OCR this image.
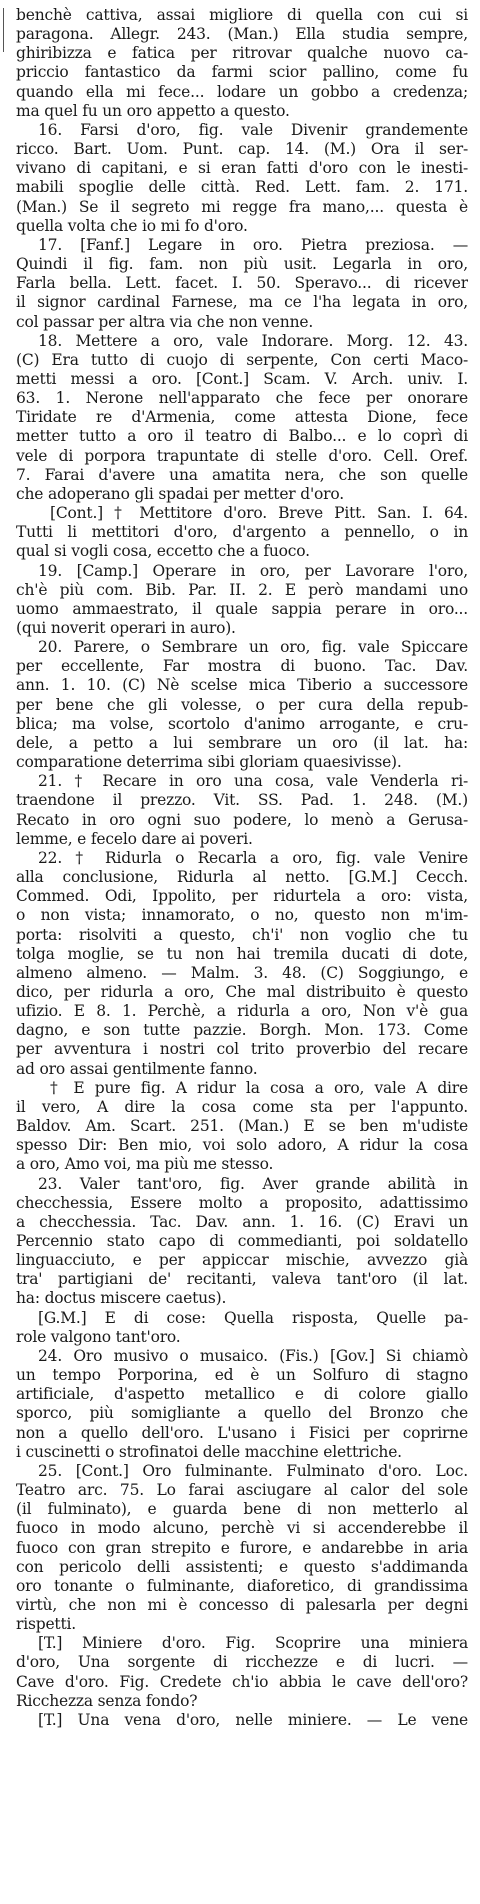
benchè cattiva, assai migliore di quella con cui si
paragona. Allegr. 243. (Man.) Ella studia sempre,
ghiribizza e fatica per ritrovar qualche nuovo ca-
priccio fantastico da farmi scior pallino, come fu
quando ella mi fece... lodare un gobbo a credenza;
ma quel fu un oro appetto a questo.
16. Farsi d'oro, fig. vale Divenir grandemente
ricco. Bart. Uom. Punt. cap. 14. (M.) Ora il ser-
vivano di capitani, e si eran fatti d'oro con le inesti-
mabili spoglie delle città. Red. Lett. fam. 2. 171.
(Man.) Se il segreto mi regge fra mano,... questa è
quella volta che io mi fo d'oro.
17. [Fanf.] Legare in oro. Pietra preziosa. —
Quindi il fig. fam. non più usit. Legarla in oro,
Farla bella. Lett. facet. I. 50. Speravo... di ricever
il signor cardinal Farnese, ma ce l'ha legata in oro,
col passar per altra via che non venne.
18. Mettere a oro, vale Indorare. Morg. 12. 43.
(C) Era tutto di cuojo di serpente, Con certi Maco-
metti messi a oro. [Cont.] Scam. V. Arch. univ. I.
63. 1. Nerone nell'apparato che fece per onorare
Tiridate re d'Armenia, come attesta Dione, fece
metter tutto a oro il teatro di Balbo... e lo coprì di
vele di porpora trapuntate di stelle d'oro. Cell. Oref.
7. Farai d'avere una amatita nera, che son quelle
che adoperano gli spadai per metter d'oro.
[Cont.] † Mettitore d'oro. Breve Pitt. San. I. 64.
Tutti li mettitori d'oro, d'argento a pennello, o in
qual si vogli cosa, eccetto che a fuoco.
19. [Camp.] Operare in oro, per Lavorare l'oro,
ch'è più com. Bib. Par. II. 2. E però mandami uno
uomo ammaestrato, il quale sappia perare in oro...
(qui noverit operari in auro).
20. Parere, o Sembrare un oro, fig. vale Spiccare
per eccellente, Far mostra di buono. Tac. Dav.
ann. 1. 10. (C) Nè scelse mica Tiberio a successore
per bene che gli volesse, o per cura della repub-
blica; ma volse, scortolo d'animo arrogante, e cru-
dele, a petto a lui sembrare un oro (il lat. ha:
comparatione deterrima sibi gloriam quaesivisse).
21. † Recare in oro una cosa, vale Venderla ri-
traendone il prezzo. Vit. SS. Pad. 1. 248. (M.)
Recato in oro ogni suo podere, lo menò a Gerusa-
lemme, e fecelo dare ai poveri.
22. † Ridurla o Recarla a oro, fig. vale Venire
alla conclusione, Ridurla al netto. [G.M.] Cecch.
Commed. Odi, Ippolito, per ridurtela a oro: vista,
o non vista; innamorato, o no, questo non m'im-
porta: risolviti a questo, ch'i' non voglio che tu
tolga moglie, se tu non hai tremila ducati di dote,
almeno almeno. — Malm. 3. 48. (C) Soggiungo, e
dico, per ridurla a oro, Che mal distribuito è questo
ufizio. E 8. 1. Perchè, a ridurla a oro, Non v'è gua
dagno, e son tutte pazzie. Borgh. Mon. 173. Come
per avventura i nostri col trito proverbio del recare
ad oro assai gentilmente fanno.
† E pure fig. A ridur la cosa a oro, vale A dire
il vero, A dire la cosa come sta per l'appunto.
Baldov. Am. Scart. 251. (Man.) E se ben m'udiste
spesso Dir: Ben mio, voi solo adoro, A ridur la cosa
a oro, Amo voi, ma più me stesso.
23. Valer tant'oro, fig. Aver grande abilità in
checchessia, Essere molto a proposito, adattissimo
a checchessia. Tac. Dav. ann. 1. 16. (C) Eravi un
Percennio stato capo di commedianti, poi soldatello
linguacciuto, e per appiccar mischie, avvezzo già
tra' partigiani de' recitanti, valeva tant'oro (il lat.
ha: doctus miscere caetus).
[G.M.] E di cose: Quella risposta, Quelle pa-
role valgono tant'oro.
24. Oro musivo o musaico. (Fis.) [Gov.] Si chiamò
un tempo Porporina, ed è un Solfuro di stagno
artificiale, d'aspetto metallico e di colore giallo
sporco, più somigliante a quello del Bronzo che
non a quello dell'oro. L'usano i Fisici per coprirne
i cuscinetti o strofinatoi delle macchine elettriche.
25. [Cont.] Oro fulminante. Fulminato d'oro. Loc.
Teatro arc. 75. Lo farai asciugare al calor del sole
(il fulminato), e guarda bene di non metterlo al
fuoco in modo alcuno, perchè vi si accenderebbe il
fuoco con gran strepito e furore, e andarebbe in aria
con pericolo delli assistenti; e questo s'addimanda
oro tonante o fulminante, diaforetico, di grandissima
virtù, che non mi è concesso di palesarla per degni
rispetti.
[T.] Miniere d'oro. Fig. Scoprire una miniera
d'oro, Una sorgente di ricchezze e di lucri. —
Cave d'oro. Fig. Credete ch'io abbia le cave dell'oro?
Ricchezza senza fondo?
[T.] Una vena d'oro, nelle miniere. — Le vene
